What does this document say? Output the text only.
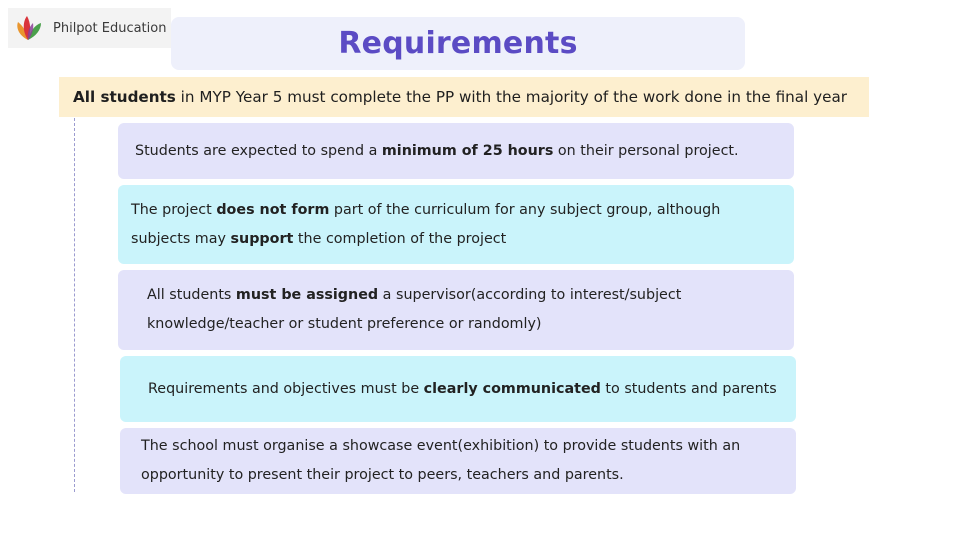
Philpot Education	Requirements
All students in MYP Year 5 must complete the PP with the majority of the work done in the final year
Students are expected to spend a minimum of 25 hours on their personal project.
The project does not form part of the curriculum for any subject group, although subjects may support the completion of the project
All students must be assigned a supervisor(according to interest/subject knowledge/teacher or student preference or randomly)
Requirements and objectives must be clearly communicated to students and parents
The school must organise a showcase event(exhibition) to provide students with an opportunity to present their project to peers, teachers and parents.
